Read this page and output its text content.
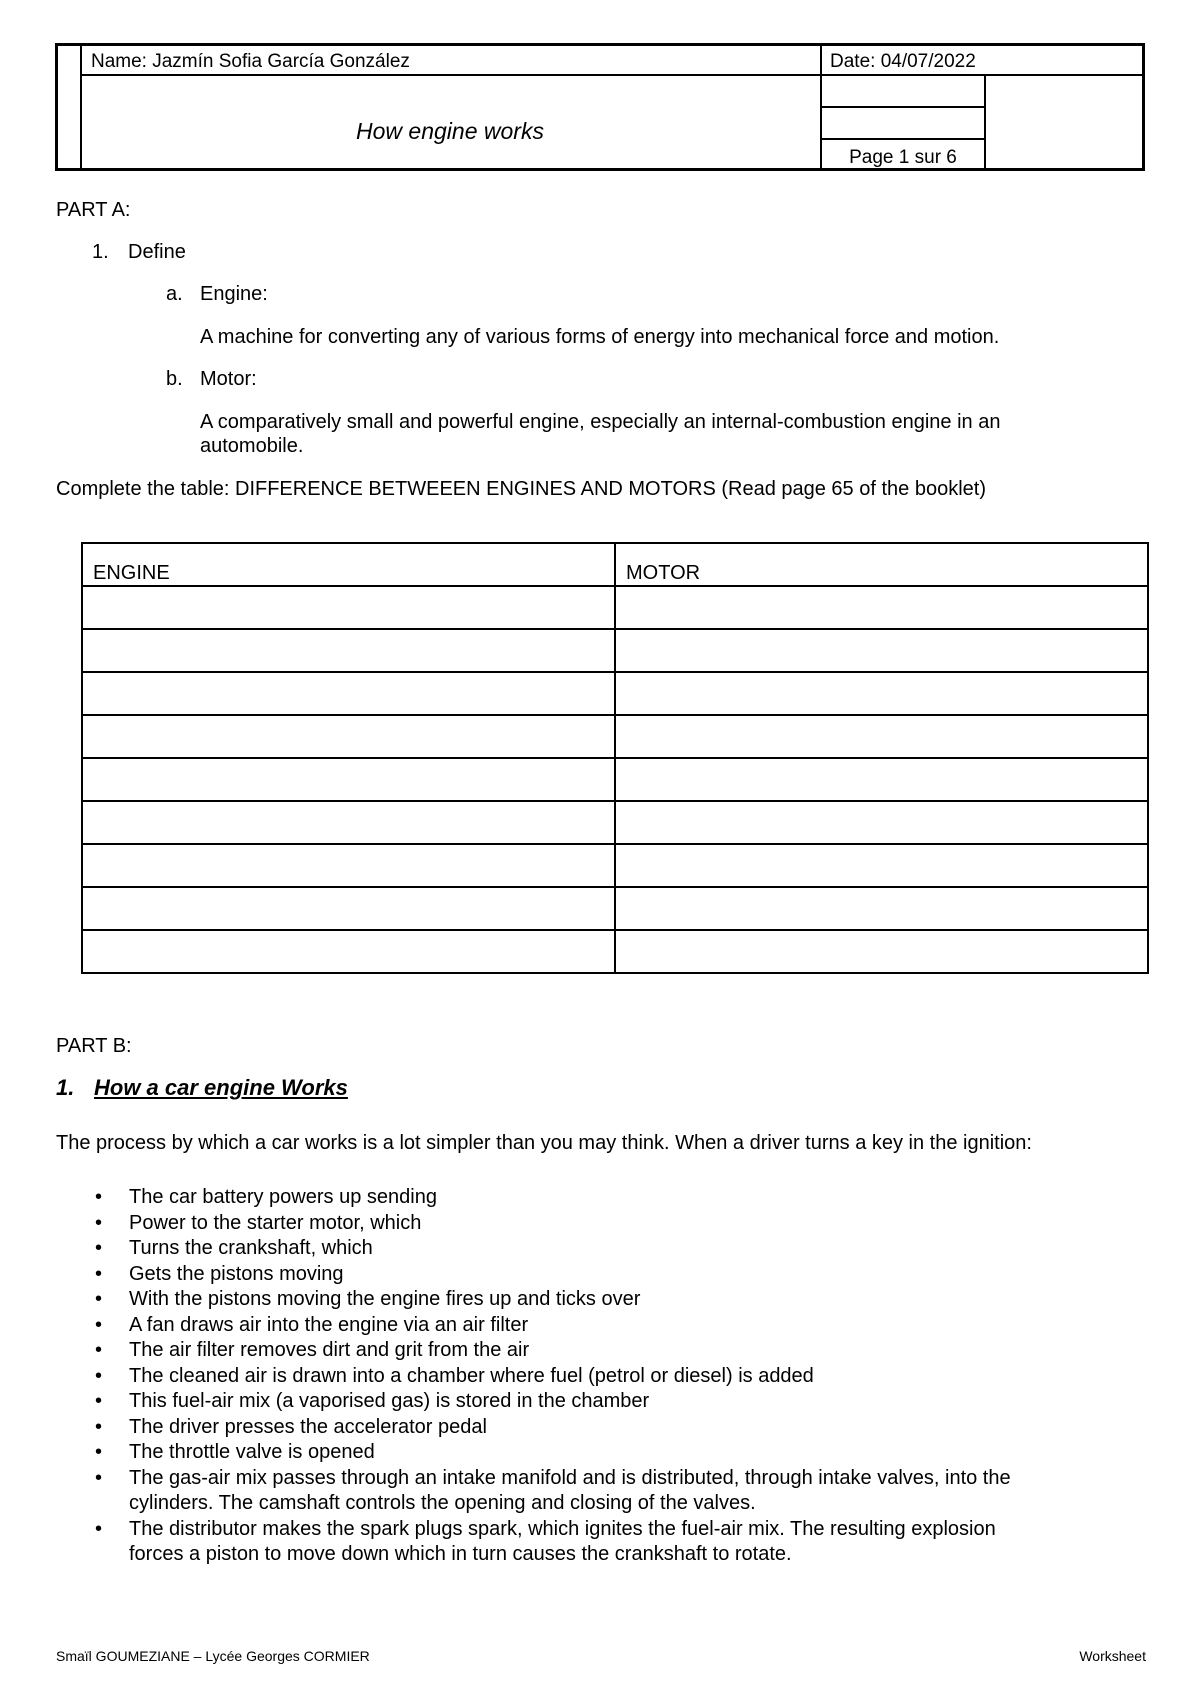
Name: Jazmín Sofia García González	Date: 04/07/2022
How engine works
Page 1 sur 6
PART A:
1. Define
a. Engine:
A machine for converting any of various forms of energy into mechanical force and motion.
b. Motor:
A comparatively small and powerful engine, especially an internal-combustion engine in an
automobile.
Complete the table: DIFFERENCE BETWEEEN ENGINES AND MOTORS (Read page 65 of the booklet)
ENGINE	MOTOR

PART B:
1. How a car engine Works
The process by which a car works is a lot simpler than you may think. When a driver turns a key in the ignition:
• The car battery powers up sending
• Power to the starter motor, which
• Turns the crankshaft, which
• Gets the pistons moving
• With the pistons moving the engine fires up and ticks over
• A fan draws air into the engine via an air filter
• The air filter removes dirt and grit from the air
• The cleaned air is drawn into a chamber where fuel (petrol or diesel) is added
• This fuel-air mix (a vaporised gas) is stored in the chamber
• The driver presses the accelerator pedal
• The throttle valve is opened
• The gas-air mix passes through an intake manifold and is distributed, through intake valves, into the
cylinders. The camshaft controls the opening and closing of the valves.
• The distributor makes the spark plugs spark, which ignites the fuel-air mix. The resulting explosion
forces a piston to move down which in turn causes the crankshaft to rotate.
Smaïl GOUMEZIANE – Lycée Georges CORMIER	Worksheet
